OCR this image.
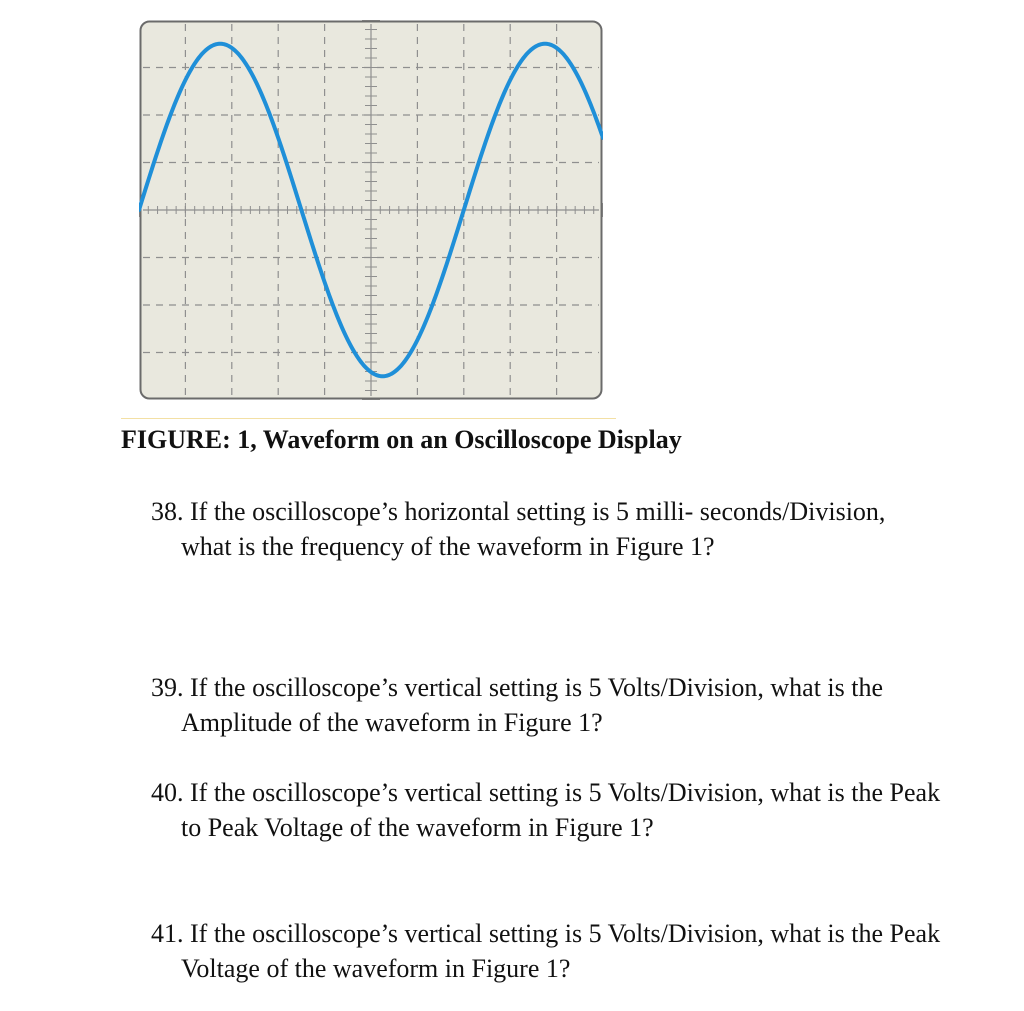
FIGURE: 1, Waveform on an Oscilloscope Display

38. If the oscilloscope’s horizontal setting is 5 milli- seconds/Division, what is the frequency of the waveform in Figure 1?

39. If the oscilloscope’s vertical setting is 5 Volts/Division, what is the Amplitude of the waveform in Figure 1?

40. If the oscilloscope’s vertical setting is 5 Volts/Division, what is the Peak to Peak Voltage of the waveform in Figure 1?

41. If the oscilloscope’s vertical setting is 5 Volts/Division, what is the Peak Voltage of the waveform in Figure 1?
